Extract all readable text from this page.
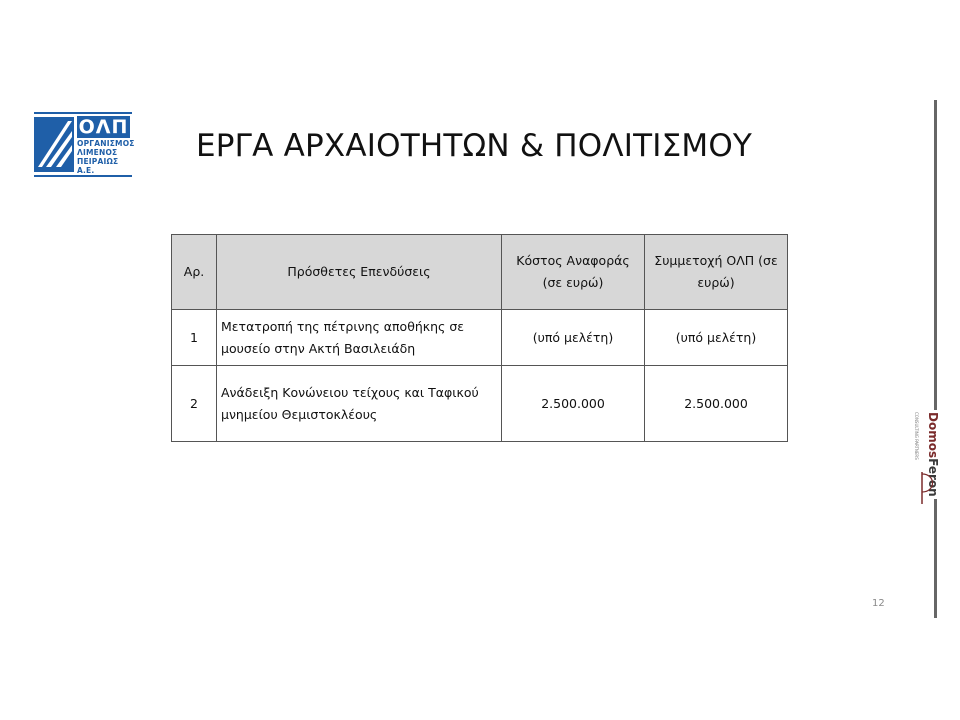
ΟΛΠ
ΟΡΓΑΝΙΣΜΟΣ
ΛΙΜΕΝΟΣ
ΠΕΙΡΑΙΩΣ Α.Ε.
ΕΡΓΑ ΑΡΧΑΙΟΤΗΤΩΝ & ΠΟΛΙΤΙΣΜΟΥ
Αρ.	Πρόσθετες Επενδύσεις	Κόστος Αναφοράς (σε ευρώ)	Συμμετοχή ΟΛΠ (σε ευρώ)
1	Μετατροπή της πέτρινης αποθήκης σε μουσείο στην Ακτή Βασιλειάδη	(υπό μελέτη)	(υπό μελέτη)
2	Ανάδειξη Κονώνειου τείχους και Ταφικού μνημείου Θεμιστοκλέους	2.500.000	2.500.000
DomosFeron
CONSULTING PARTNERS
12
